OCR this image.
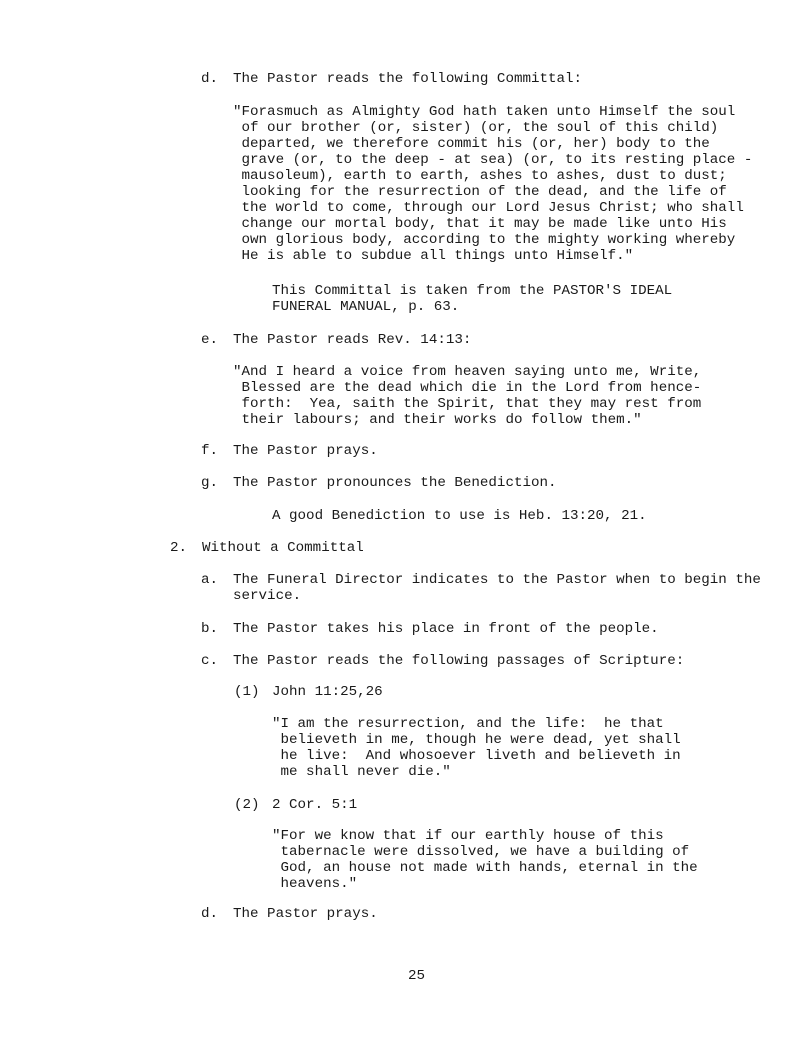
d. The Pastor reads the following Committal:
"Forasmuch as Almighty God hath taken unto Himself the soul
of our brother (or, sister) (or, the soul of this child)
departed, we therefore commit his (or, her) body to the
grave (or, to the deep - at sea) (or, to its resting place -
mausoleum), earth to earth, ashes to ashes, dust to dust;
looking for the resurrection of the dead, and the life of
the world to come, through our Lord Jesus Christ; who shall
change our mortal body, that it may be made like unto His
own glorious body, according to the mighty working whereby
He is able to subdue all things unto Himself."
This Committal is taken from the PASTOR'S IDEAL
FUNERAL MANUAL, p. 63.
e. The Pastor reads Rev. 14:13:
"And I heard a voice from heaven saying unto me, Write,
Blessed are the dead which die in the Lord from hence-
forth:  Yea, saith the Spirit, that they may rest from
their labours; and their works do follow them."
f. The Pastor prays.
g. The Pastor pronounces the Benediction.
A good Benediction to use is Heb. 13:20, 21.
2. Without a Committal
a. The Funeral Director indicates to the Pastor when to begin the
service.
b. The Pastor takes his place in front of the people.
c. The Pastor reads the following passages of Scripture:
(1) John 11:25,26
"I am the resurrection, and the life:  he that
believeth in me, though he were dead, yet shall
he live:  And whosoever liveth and believeth in
me shall never die."
(2) 2 Cor. 5:1
"For we know that if our earthly house of this
tabernacle were dissolved, we have a building of
God, an house not made with hands, eternal in the
heavens."
d. The Pastor prays.
25
